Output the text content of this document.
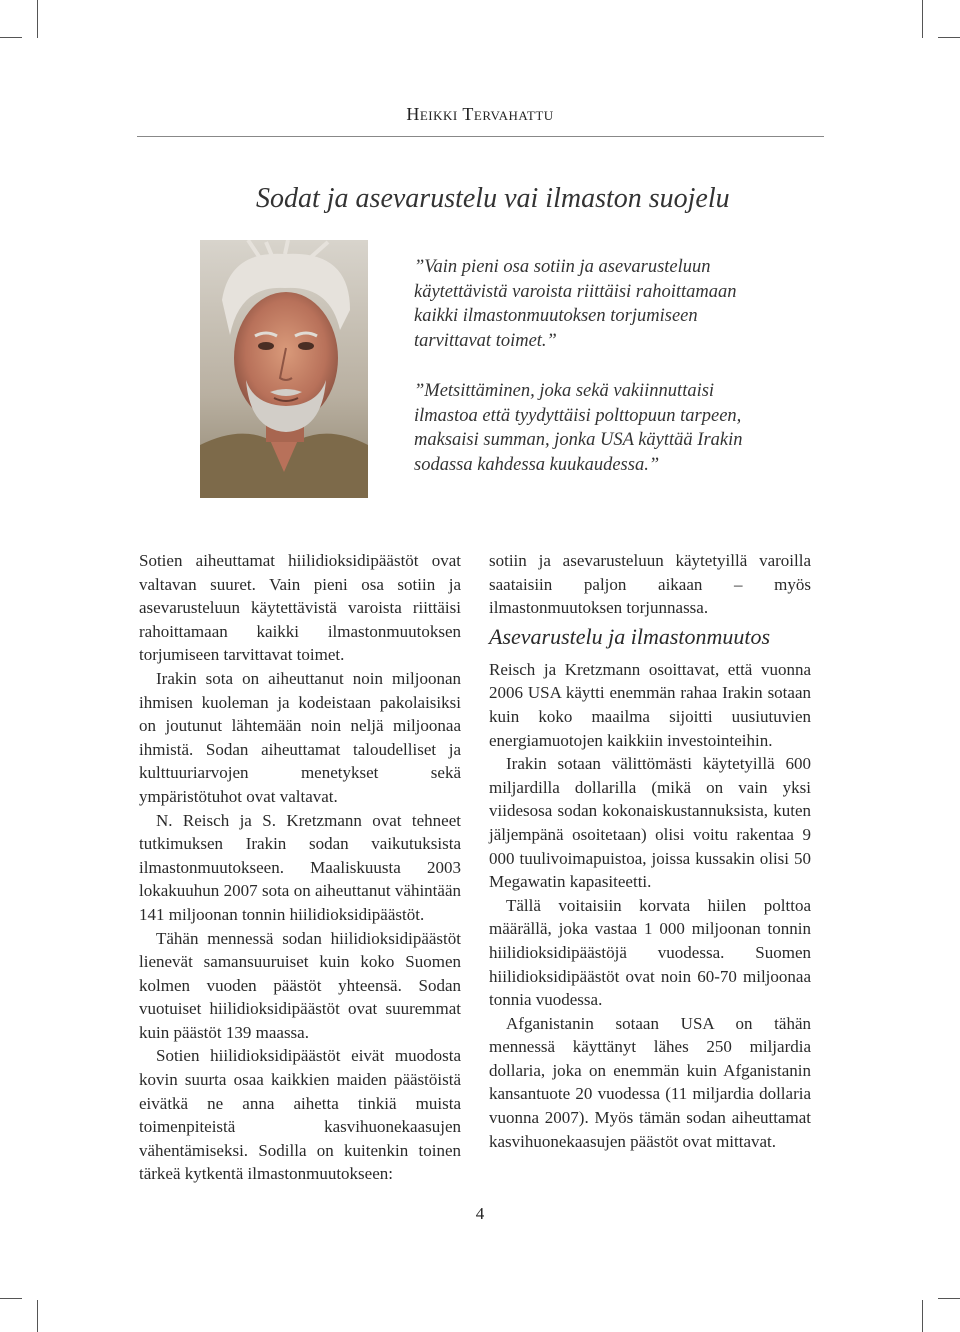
Heikki Tervahattu
Sodat ja asevarustelu vai ilmaston suojelu
”Vain pieni osa sotiin ja asevarusteluun käytettävistä varoista riittäisi rahoittamaan kaikki ilmastonmuutoksen torjumiseen tarvittavat toimet.”
”Metsittäminen, joka sekä vakiinnuttaisi ilmastoa että tyydyttäisi polttopuun tarpeen, maksaisi summan, jonka USA käyttää Irakin sodassa kahdessa kuukaudessa.”

Sotien aiheuttamat hiilidioksidipäästöt ovat valtavan suuret. Vain pieni osa sotiin ja asevarusteluun käytettävistä varoista riittäisi rahoittamaan kaikki ilmastonmuutoksen torjumiseen tarvittavat toimet.

Irakin sota on aiheuttanut noin miljoonan ihmisen kuoleman ja kodeistaan pakolaisiksi on joutunut lähtemään noin neljä miljoonaa ihmistä. Sodan aiheuttamat taloudelliset ja kulttuuriarvojen menetykset sekä ympäristötuhot ovat valtavat.

N. Reisch ja S. Kretzmann ovat tehneet tutkimuksen Irakin sodan vaikutuksista ilmastonmuutokseen. Maaliskuusta 2003 lokakuuhun 2007 sota on aiheuttanut vähintään 141 miljoonan tonnin hiilidioksidipäästöt.

Tähän mennessä sodan hiilidioksidipäästöt lienevät samansuuruiset kuin koko Suomen kolmen vuoden päästöt yhteensä. Sodan vuotuiset hiilidioksidipäästöt ovat suuremmat kuin päästöt 139 maassa.

Sotien hiilidioksidipäästöt eivät muodosta kovin suurta osaa kaikkien maiden päästöistä eivätkä ne anna aihetta tinkiä muista toimenpiteistä kasvihuonekaasujen vähentämiseksi. Sodilla on kuitenkin toinen tärkeä kytkentä ilmastonmuutokseen:

sotiin ja asevarusteluun käytetyillä varoilla saataisiin paljon aikaan – myös ilmastonmuutoksen torjunnassa.

Asevarustelu ja ilmastonmuutos

Reisch ja Kretzmann osoittavat, että vuonna 2006 USA käytti enemmän rahaa Irakin sotaan kuin koko maailma sijoitti uusiutuvien energiamuotojen kaikkiin investointeihin.

Irakin sotaan välittömästi käytetyillä 600 miljardilla dollarilla (mikä on vain yksi viidesosa sodan kokonaiskustannuksista, kuten jäljempänä osoitetaan) olisi voitu rakentaa 9 000 tuulivoimapuistoa, joissa kussakin olisi 50 Megawatin kapasiteetti.

Tällä voitaisiin korvata hiilen polttoa määrällä, joka vastaa 1 000 miljoonan tonnin hiilidioksidipäästöjä vuodessa. Suomen hiilidioksidipäästöt ovat noin 60-70 miljoonaa tonnia vuodessa.

Afganistanin sotaan USA on tähän mennessä käyttänyt lähes 250 miljardia dollaria, joka on enemmän kuin Afganistanin kansantuote 20 vuodessa (11 miljardia dollaria vuonna 2007). Myös tämän sodan aiheuttamat kasvihuonekaasujen päästöt ovat mittavat.

4
